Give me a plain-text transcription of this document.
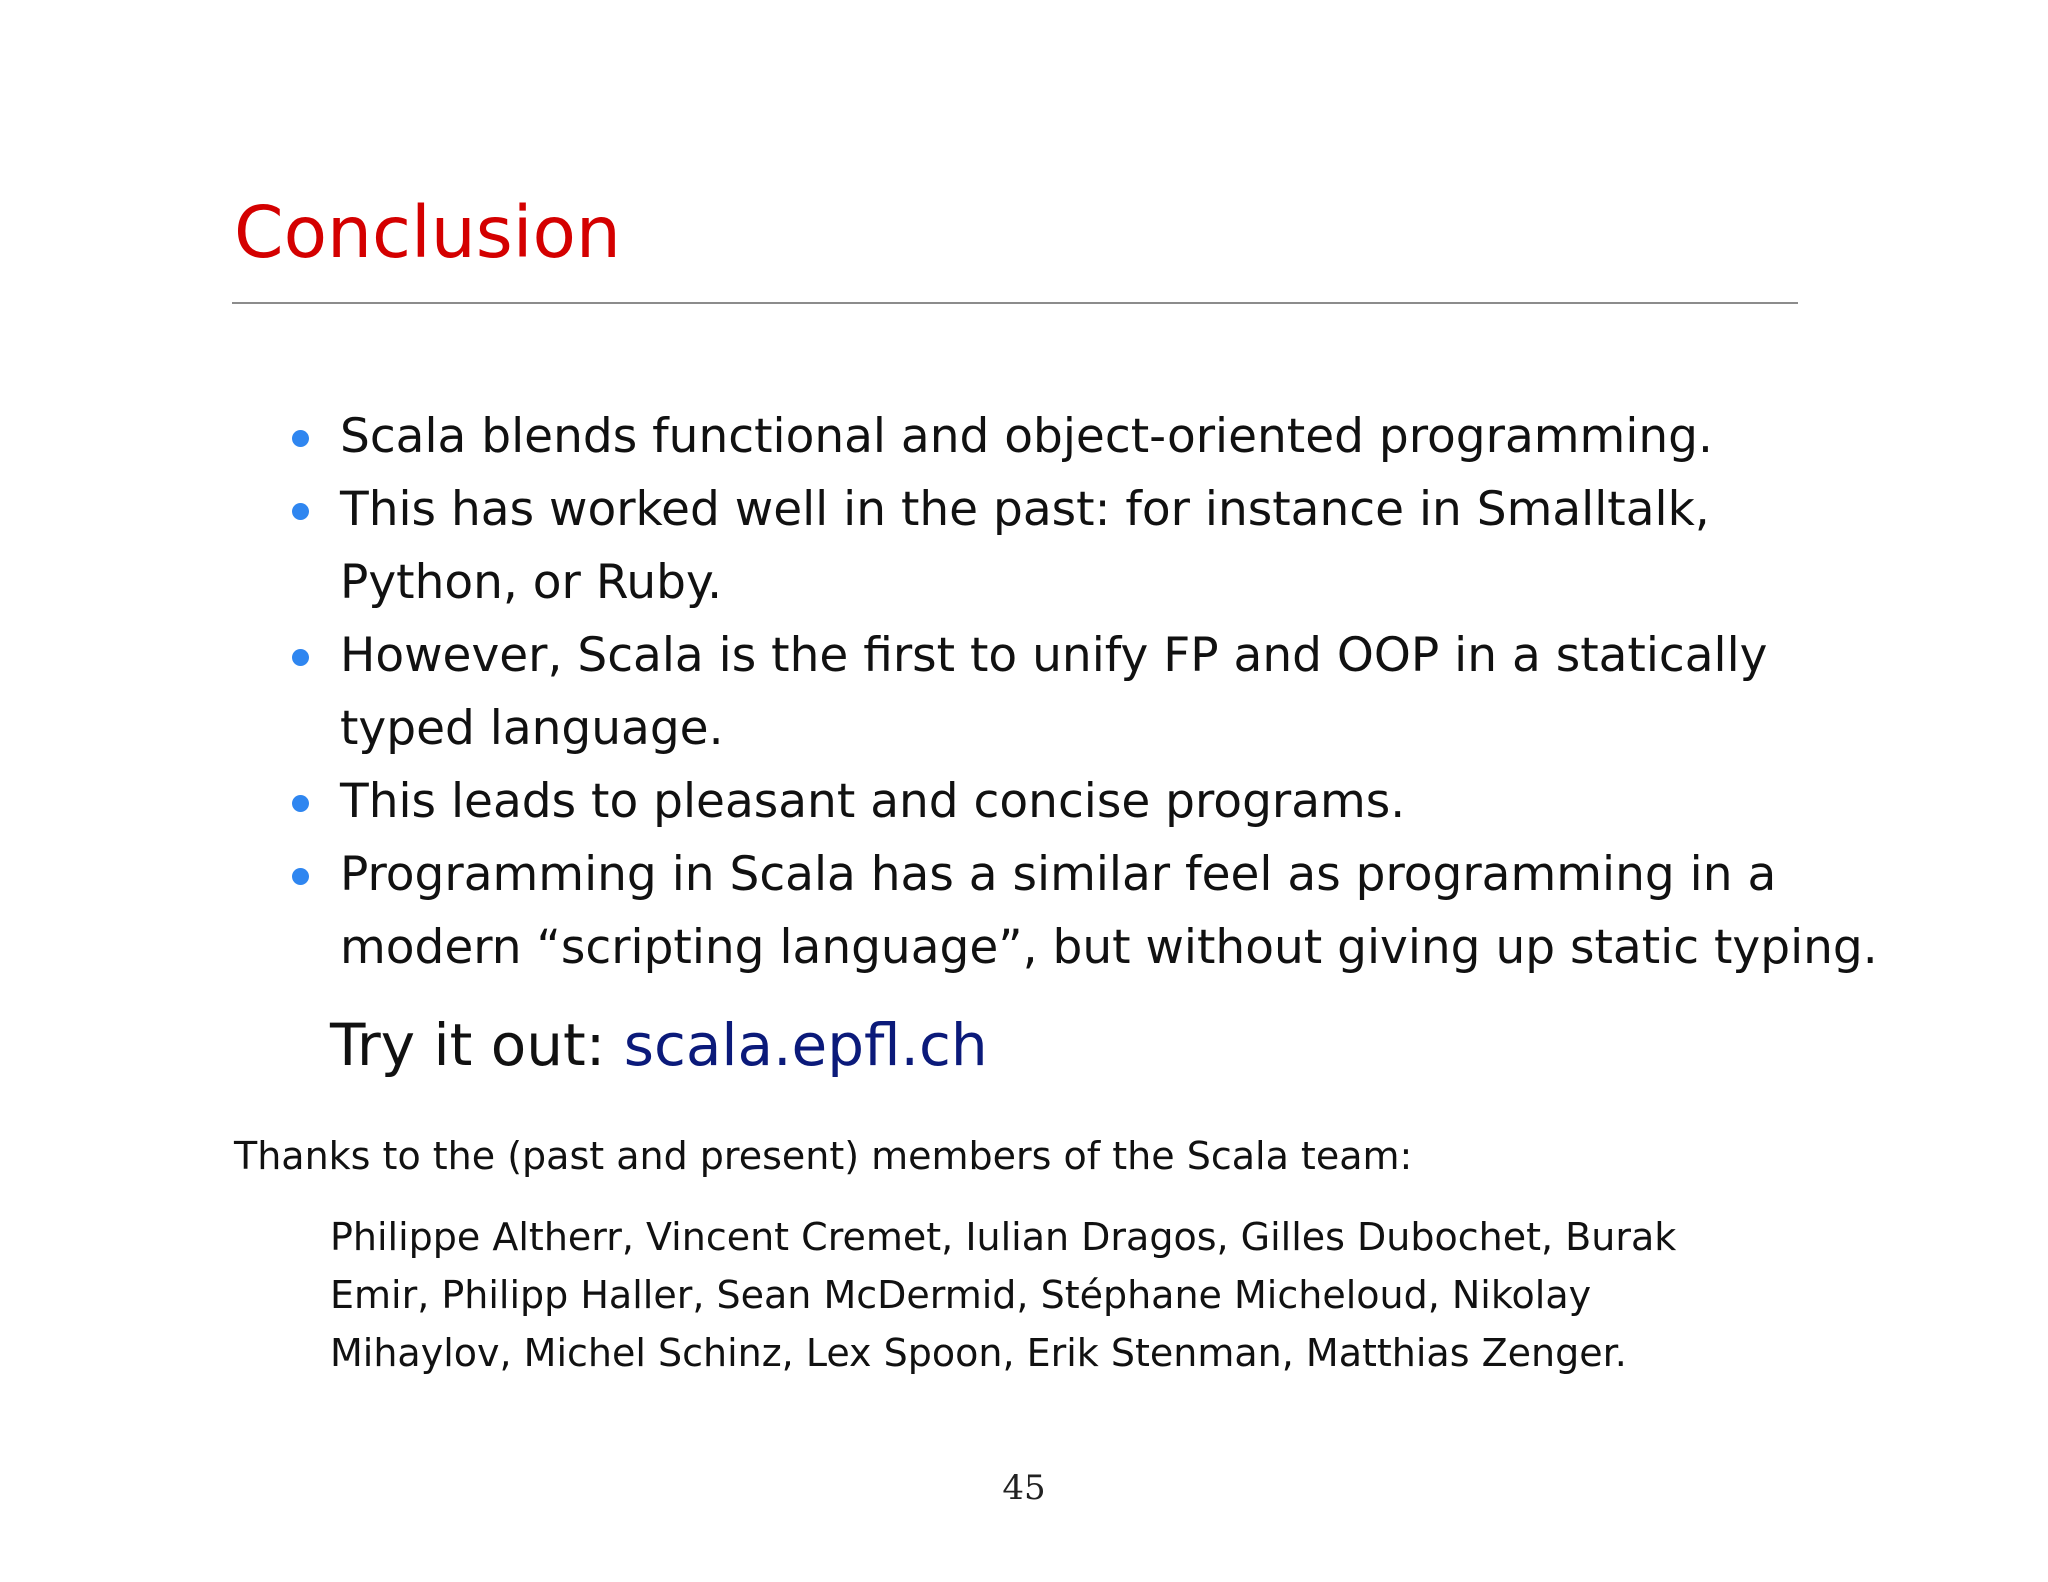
Conclusion
Scala blends functional and object-oriented programming.
This has worked well in the past: for instance in Smalltalk,
Python, or Ruby.
However, Scala is the first to unify FP and OOP in a statically
typed language.
This leads to pleasant and concise programs.
Programming in Scala has a similar feel as programming in a
modern “scripting language”, but without giving up static typing.
Try it out: scala.epfl.ch
Thanks to the (past and present) members of the Scala team:
Philippe Altherr, Vincent Cremet, Iulian Dragos, Gilles Dubochet, Burak
Emir, Philipp Haller, Sean McDermid, Stéphane Micheloud, Nikolay
Mihaylov, Michel Schinz, Lex Spoon, Erik Stenman, Matthias Zenger.
45
